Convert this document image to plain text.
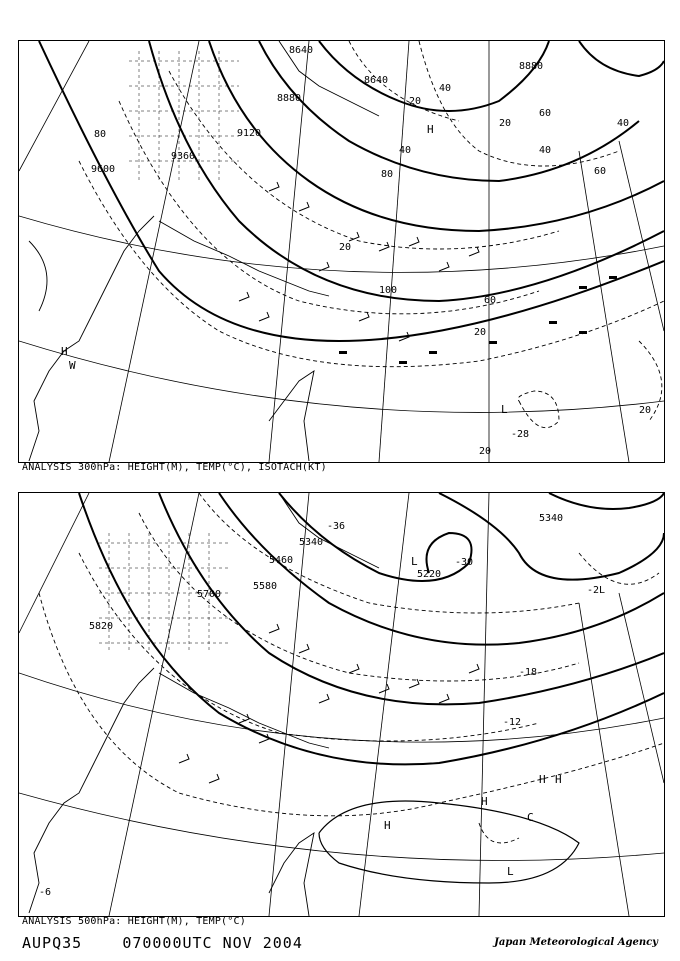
9600
9360
9120
8880
8640
8640
8880
80
40
60
20
100
60
80
20
40
60
40
20
20
40
20
20
-28
H
W
L
H
ANALYSIS 300hPa: HEIGHT(M), TEMP(°C), ISOTACH(KT)
5820
5700
5580
5460
5340
5220
5340
-30
-36
-18
-12
-6
-2L
L
H
H
H
C
L
H
ANALYSIS 500hPa: HEIGHT(M), TEMP(°C)
AUPQ35	070000UTC NOV 2004	Japan Meteorological Agency
